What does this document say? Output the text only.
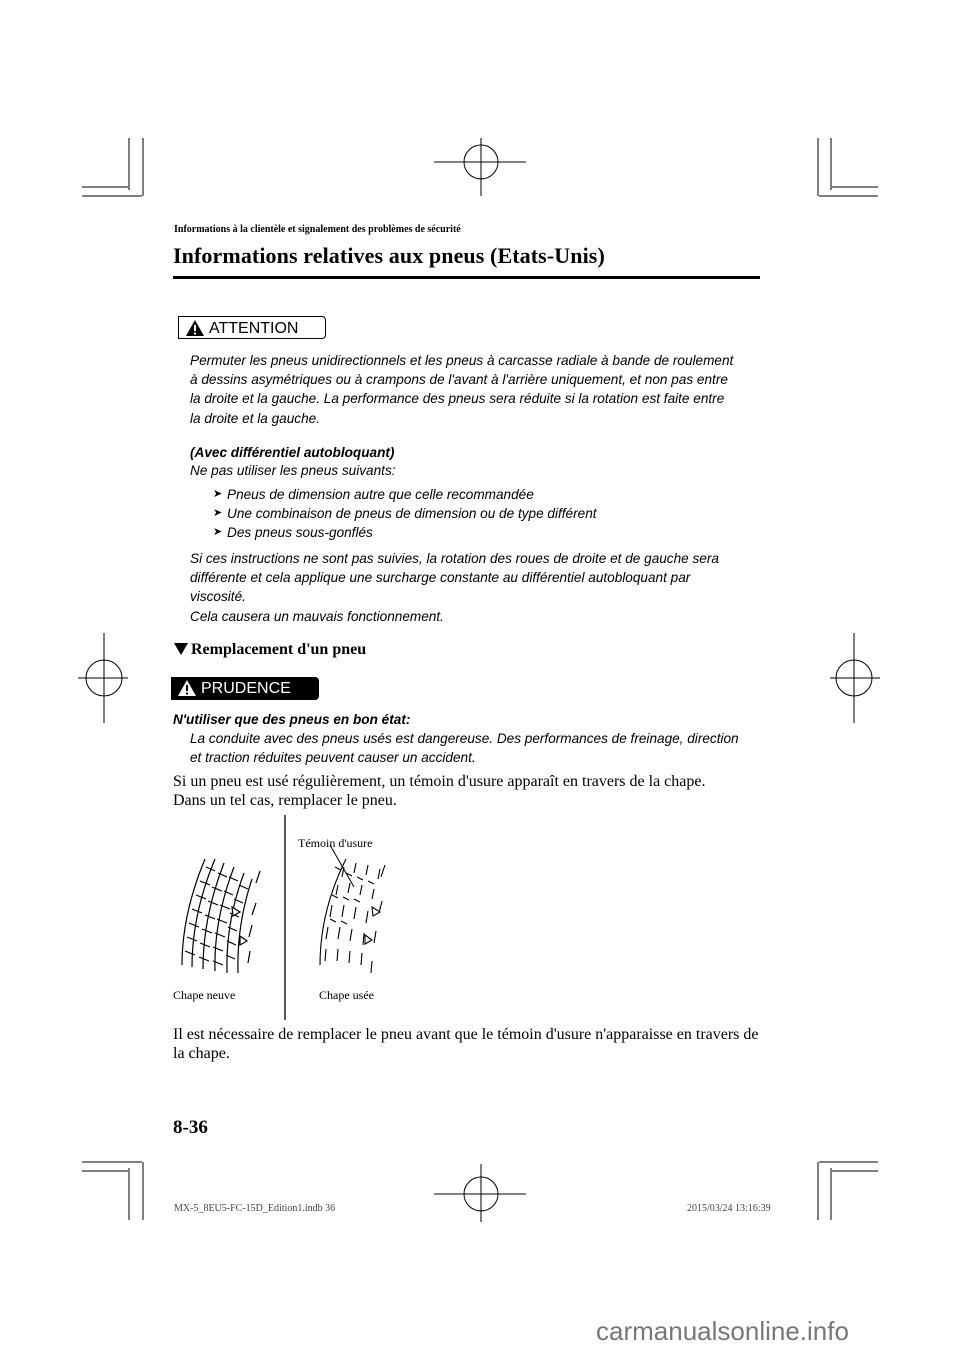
Informations à la clientèle et signalement des problèmes de sécurité
Informations relatives aux pneus (Etats-Unis)
ATTENTION
Permuter les pneus unidirectionnels et les pneus à carcasse radiale à bande de roulement
à dessins asymétriques ou à crampons de l'avant à l'arrière uniquement, et non pas entre
la droite et la gauche. La performance des pneus sera réduite si la rotation est faite entre
la droite et la gauche.
(Avec différentiel autobloquant)
Ne pas utiliser les pneus suivants:
➤ Pneus de dimension autre que celle recommandée
➤ Une combinaison de pneus de dimension ou de type différent
➤ Des pneus sous-gonflés
Si ces instructions ne sont pas suivies, la rotation des roues de droite et de gauche sera
différente et cela applique une surcharge constante au différentiel autobloquant par
viscosité.
Cela causera un mauvais fonctionnement.
Remplacement d'un pneu
PRUDENCE
N'utiliser que des pneus en bon état:
La conduite avec des pneus usés est dangereuse. Des performances de freinage, direction
et traction réduites peuvent causer un accident.
Si un pneu est usé régulièrement, un témoin d'usure apparaît en travers de la chape.
Dans un tel cas, remplacer le pneu.
Témoin d'usure
Chape neuve	Chape usée
Il est nécessaire de remplacer le pneu avant que le témoin d'usure n'apparaisse en travers de
la chape.
8-36
MX-5_8EU5-FC-15D_Edition1.indb 36	2015/03/24 13:16:39
carmanualsonline.info
